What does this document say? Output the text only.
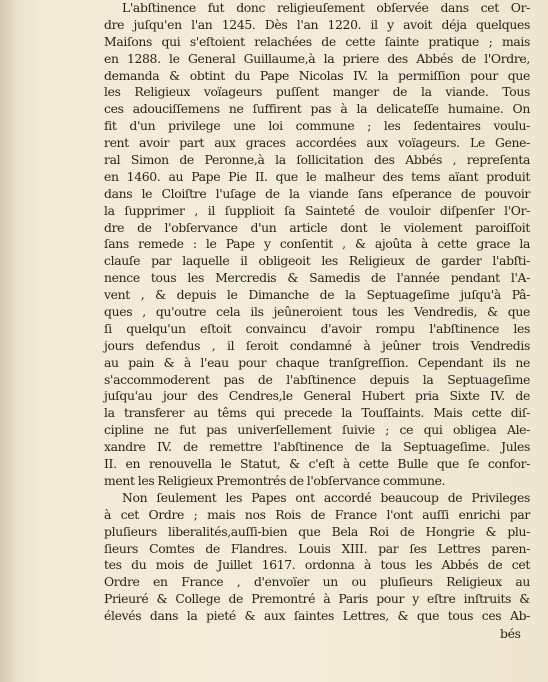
L'abſtinence fut donc religieuſement obſervée dans cet Or-
dre juſqu'en l'an 1245. Dès l'an 1220. il y avoit déja quelques
Maiſons qui s'eſtoient relachées de cette ſainte pratique ; mais
en 1288. le General Guillaume,à la priere des Abbés de l'Ordre,
demanda & obtint du Pape Nicolas IV. la permiſſion pour que
les Religieux voïageurs puſſent manger de la viande. Tous
ces adouciſſemens ne ſuffirent pas à la delicateſſe humaine. On
fit d'un privilege une loi commune ; les ſedentaires voulu-
rent avoir part aux graces accordées aux voïageurs. Le Gene-
ral Simon de Peronne,à la ſollicitation des Abbés , repreſenta
en 1460. au Pape Pie II. que le malheur des tems aïant produit
dans le Cloiſtre l'uſage de la viande ſans eſperance de pouvoir
la ſupprimer , il ſupplioit ſa Sainteté de vouloir diſpenſer l'Or-
dre de l'obſervance d'un article dont le violement paroiſſoit
ſans remede : le Pape y conſentit , & ajoûta à cette grace la
clauſe par laquelle il obligeoit les Religieux de garder l'abſti-
nence tous les Mercredis & Samedis de l'année pendant l'A-
vent , & depuis le Dimanche de la Septuageſime juſqu'à Pâ-
ques , qu'outre cela ils jeûneroient tous les Vendredis, & que
ſi quelqu'un eſtoit convaincu d'avoir rompu l'abſtinence les
jours defendus , il ſeroit condamné à jeûner trois Vendredis
au pain & à l'eau pour chaque tranſgreſſion. Cependant ils ne
s'accommoderent pas de l'abſtinence depuis la Septuageſime
juſqu'au jour des Cendres,le General Hubert pria Sixte IV. de
la transferer au têms qui precede la Touſſaints. Mais cette diſ-
cipline ne fut pas univerſellement ſuivie ; ce qui obligea Ale-
xandre IV. de remettre l'abſtinence de la Septuageſime. Jules
II. en renouvella le Statut, & c'eſt à cette Bulle que ſe confor-
ment les Religieux Premontrés de l'obſervance commune.
Non ſeulement les Papes ont accordé beaucoup de Privileges
à cet Ordre ; mais nos Rois de France l'ont auſſi enrichi par
pluſieurs liberalités,auſſi-bien que Bela Roi de Hongrie & plu-
ſieurs Comtes de Flandres. Louis XIII. par ſes Lettres paren-
tes du mois de Juillet 1617. ordonna à tous les Abbés de cet
Ordre en France , d'envoïer un ou pluſieurs Religieux au
Prieuré & College de Premontré à Paris pour y eſtre inſtruits &
élevés dans la pieté & aux ſaintes Lettres, & que tous ces Ab-
bés
